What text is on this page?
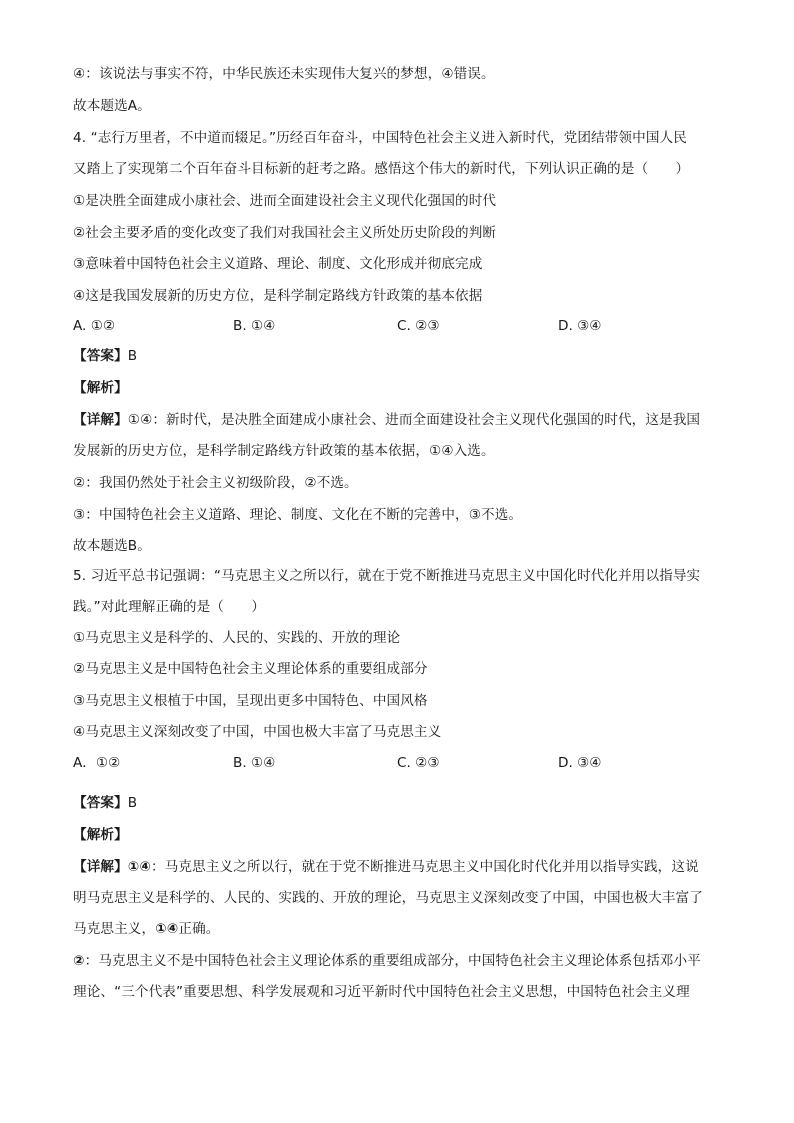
④：该说法与事实不符，中华民族还未实现伟大复兴的梦想，④错误。
故本题选A。
4. “志行万里者，不中道而辍足。”历经百年奋斗，中国特色社会主义进入新时代，党团结带领中国人民
又踏上了实现第二个百年奋斗目标新的赶考之路。感悟这个伟大的新时代，下列认识正确的是（　　）
①是决胜全面建成小康社会、进而全面建设社会主义现代化强国的时代
②社会主要矛盾的变化改变了我们对我国社会主义所处历史阶段的判断
③意味着中国特色社会主义道路、理论、制度、文化形成并彻底完成
④这是我国发展新的历史方位，是科学制定路线方针政策的基本依据
A. ①②	B. ①④	C. ②③	D. ③④
【答案】B
【解析】
【详解】①④：新时代，是决胜全面建成小康社会、进而全面建设社会主义现代化强国的时代，这是我国
发展新的历史方位，是科学制定路线方针政策的基本依据，①④入选。
②：我国仍然处于社会主义初级阶段，②不选。
③：中国特色社会主义道路、理论、制度、文化在不断的完善中，③不选。
故本题选B。
5. 习近平总书记强调：“马克思主义之所以行，就在于党不断推进马克思主义中国化时代化并用以指导实
践。”对此理解正确的是（　　）
①马克思主义是科学的、人民的、实践的、开放的理论
②马克思主义是中国特色社会主义理论体系的重要组成部分
③马克思主义根植于中国，呈现出更多中国特色、中国风格
④马克思主义深刻改变了中国，中国也极大丰富了马克思主义
A．①②	B. ①④	C. ②③	D. ③④
【答案】B
【解析】
【详解】①④：马克思主义之所以行，就在于党不断推进马克思主义中国化时代化并用以指导实践，这说
明马克思主义是科学的、人民的、实践的、开放的理论，马克思主义深刻改变了中国，中国也极大丰富了
马克思主义，①④正确。
②：马克思主义不是中国特色社会主义理论体系的重要组成部分，中国特色社会主义理论体系包括邓小平
理论、“三个代表”重要思想、科学发展观和习近平新时代中国特色社会主义思想，中国特色社会主义理
